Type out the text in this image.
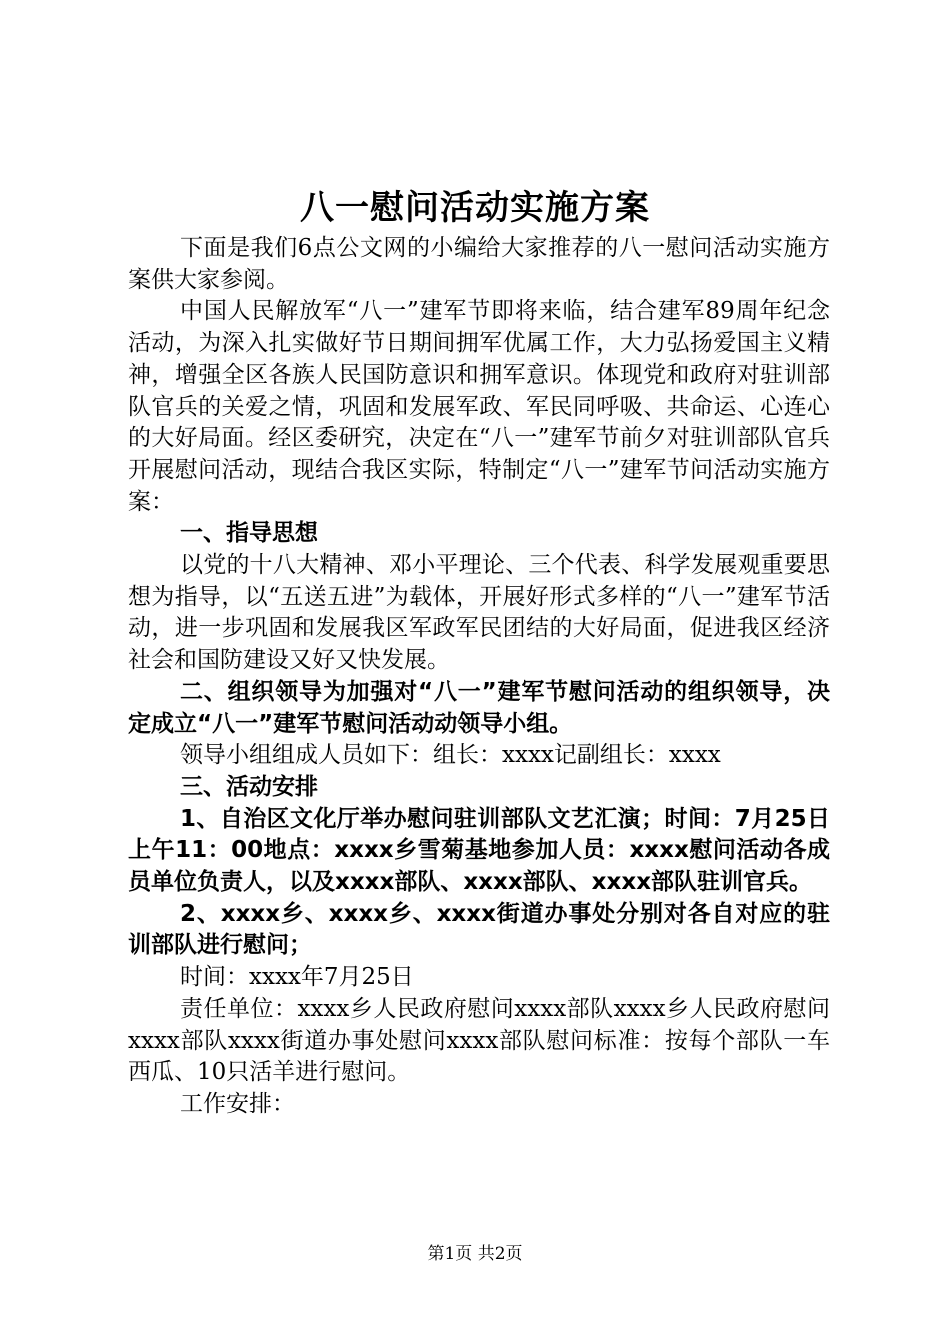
八一慰问活动实施方案

下面是我们6点公文网的小编给大家推荐的八一慰问活动实施方案供大家参阅。

中国人民解放军“八一”建军节即将来临，结合建军89周年纪念活动，为深入扎实做好节日期间拥军优属工作，大力弘扬爱国主义精神，增强全区各族人民国防意识和拥军意识。体现党和政府对驻训部队官兵的关爱之情，巩固和发展军政、军民同呼吸、共命运、心连心的大好局面。经区委研究，决定在“八一”建军节前夕对驻训部队官兵开展慰问活动，现结合我区实际，特制定“八一”建军节问活动实施方案：

一、指导思想

以党的十八大精神、邓小平理论、三个代表、科学发展观重要思想为指导，以“五送五进”为载体，开展好形式多样的“八一”建军节活动，进一步巩固和发展我区军政军民团结的大好局面，促进我区经济社会和国防建设又好又快发展。

二、组织领导为加强对“八一”建军节慰问活动的组织领导，决定成立“八一”建军节慰问活动动领导小组。

领导小组组成人员如下：组长：xxxx记副组长：xxxx

三、活动安排

1、自治区文化厅举办慰问驻训部队文艺汇演；时间：7月25日上午11：00地点：xxxx乡雪菊基地参加人员：xxxx慰问活动各成员单位负责人，以及xxxx部队、xxxx部队、xxxx部队驻训官兵。

2、xxxx乡、xxxx乡、xxxx街道办事处分别对各自对应的驻训部队进行慰问；

时间：xxxx年7月25日

责任单位：xxxx乡人民政府慰问xxxx部队xxxx乡人民政府慰问xxxx部队xxxx街道办事处慰问xxxx部队慰问标准：按每个部队一车西瓜、10只活羊进行慰问。

工作安排：

第1页 共2页
